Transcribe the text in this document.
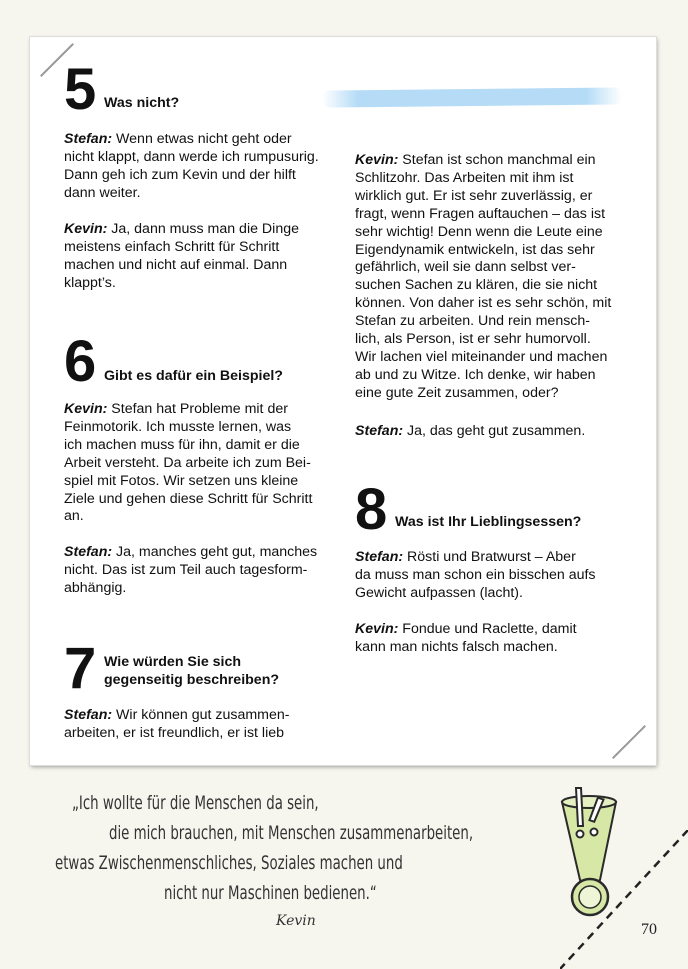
5 Was nicht?

Stefan: Wenn etwas nicht geht oder
nicht klappt, dann werde ich rumpusurig.
Dann geh ich zum Kevin und der hilft
dann weiter.

Kevin: Ja, dann muss man die Dinge
meistens einfach Schritt für Schritt
machen und nicht auf einmal. Dann
klappt’s.

6 Gibt es dafür ein Beispiel?

Kevin: Stefan hat Probleme mit der
Feinmotorik. Ich musste lernen, was
ich machen muss für ihn, damit er die
Arbeit versteht. Da arbeite ich zum Bei-
spiel mit Fotos. Wir setzen uns kleine
Ziele und gehen diese Schritt für Schritt
an.

Stefan: Ja, manches geht gut, manches
nicht. Das ist zum Teil auch tagesform-
abhängig.

7 Wie würden Sie sich
gegenseitig beschreiben?

Stefan: Wir können gut zusammen-
arbeiten, er ist freundlich, er ist lieb

Kevin: Stefan ist schon manchmal ein
Schlitzohr. Das Arbeiten mit ihm ist
wirklich gut. Er ist sehr zuverlässig, er
fragt, wenn Fragen auftauchen – das ist
sehr wichtig! Denn wenn die Leute eine
Eigendynamik entwickeln, ist das sehr
gefährlich, weil sie dann selbst ver-
suchen Sachen zu klären, die sie nicht
können. Von daher ist es sehr schön, mit
Stefan zu arbeiten. Und rein mensch-
lich, als Person, ist er sehr humorvoll.
Wir lachen viel miteinander und machen
ab und zu Witze. Ich denke, wir haben
eine gute Zeit zusammen, oder?

Stefan: Ja, das geht gut zusammen.

8 Was ist Ihr Lieblingsessen?

Stefan: Rösti und Bratwurst – Aber
da muss man schon ein bisschen aufs
Gewicht aufpassen (lacht).

Kevin: Fondue und Raclette, damit
kann man nichts falsch machen.

„Ich wollte für die Menschen da sein,
die mich brauchen, mit Menschen zusammenarbeiten,
etwas Zwischenmenschliches, Soziales machen und
nicht nur Maschinen bedienen.“
Kevin	70
